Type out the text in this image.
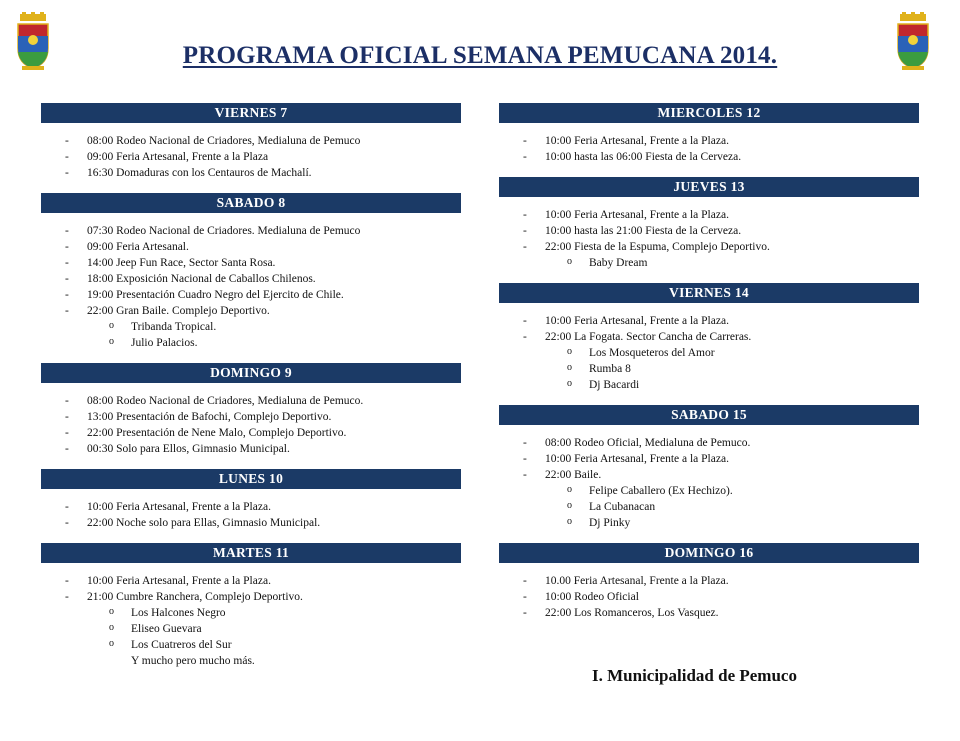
PROGRAMA OFICIAL SEMANA PEMUCANA 2014.
VIERNES 7
- 08:00 Rodeo Nacional de Criadores, Medialuna de Pemuco
- 09:00 Feria Artesanal, Frente a la Plaza
- 16:30 Domaduras con los Centauros de Machalí.
SABADO 8
- 07:30 Rodeo Nacional de Criadores. Medialuna de Pemuco
- 09:00 Feria Artesanal.
- 14:00 Jeep Fun Race, Sector Santa Rosa.
- 18:00 Exposición Nacional de Caballos Chilenos.
- 19:00 Presentación Cuadro Negro del Ejercito de Chile.
- 22:00 Gran Baile. Complejo Deportivo.
o Tribanda Tropical.
o Julio Palacios.
DOMINGO 9
- 08:00 Rodeo Nacional de Criadores, Medialuna de Pemuco.
- 13:00 Presentación de Bafochi, Complejo Deportivo.
- 22:00 Presentación de Nene Malo, Complejo Deportivo.
- 00:30 Solo para Ellos, Gimnasio Municipal.
LUNES 10
- 10:00 Feria Artesanal, Frente a la Plaza.
- 22:00 Noche solo para Ellas, Gimnasio Municipal.
MARTES 11
- 10:00 Feria Artesanal, Frente a la Plaza.
- 21:00 Cumbre Ranchera, Complejo Deportivo.
o Los Halcones Negro
o Eliseo Guevara
o Los Cuatreros del Sur
Y mucho pero mucho más.
MIERCOLES 12
- 10:00 Feria Artesanal, Frente a la Plaza.
- 10:00 hasta las 06:00 Fiesta de la Cerveza.
JUEVES 13
- 10:00 Feria Artesanal, Frente a la Plaza.
- 10:00 hasta las 21:00 Fiesta de la Cerveza.
- 22:00 Fiesta de la Espuma, Complejo Deportivo.
o Baby Dream
VIERNES 14
- 10:00 Feria Artesanal, Frente a la Plaza.
- 22:00 La Fogata. Sector Cancha de Carreras.
o Los Mosqueteros del Amor
o Rumba 8
o Dj Bacardi
SABADO 15
- 08:00 Rodeo Oficial, Medialuna de Pemuco.
- 10:00 Feria Artesanal, Frente a la Plaza.
- 22:00 Baile.
o Felipe Caballero (Ex Hechizo).
o La Cubanacan
o Dj Pinky
DOMINGO 16
- 10.00 Feria Artesanal, Frente a la Plaza.
- 10:00 Rodeo Oficial
- 22:00 Los Romanceros, Los Vasquez.
I. Municipalidad de Pemuco
